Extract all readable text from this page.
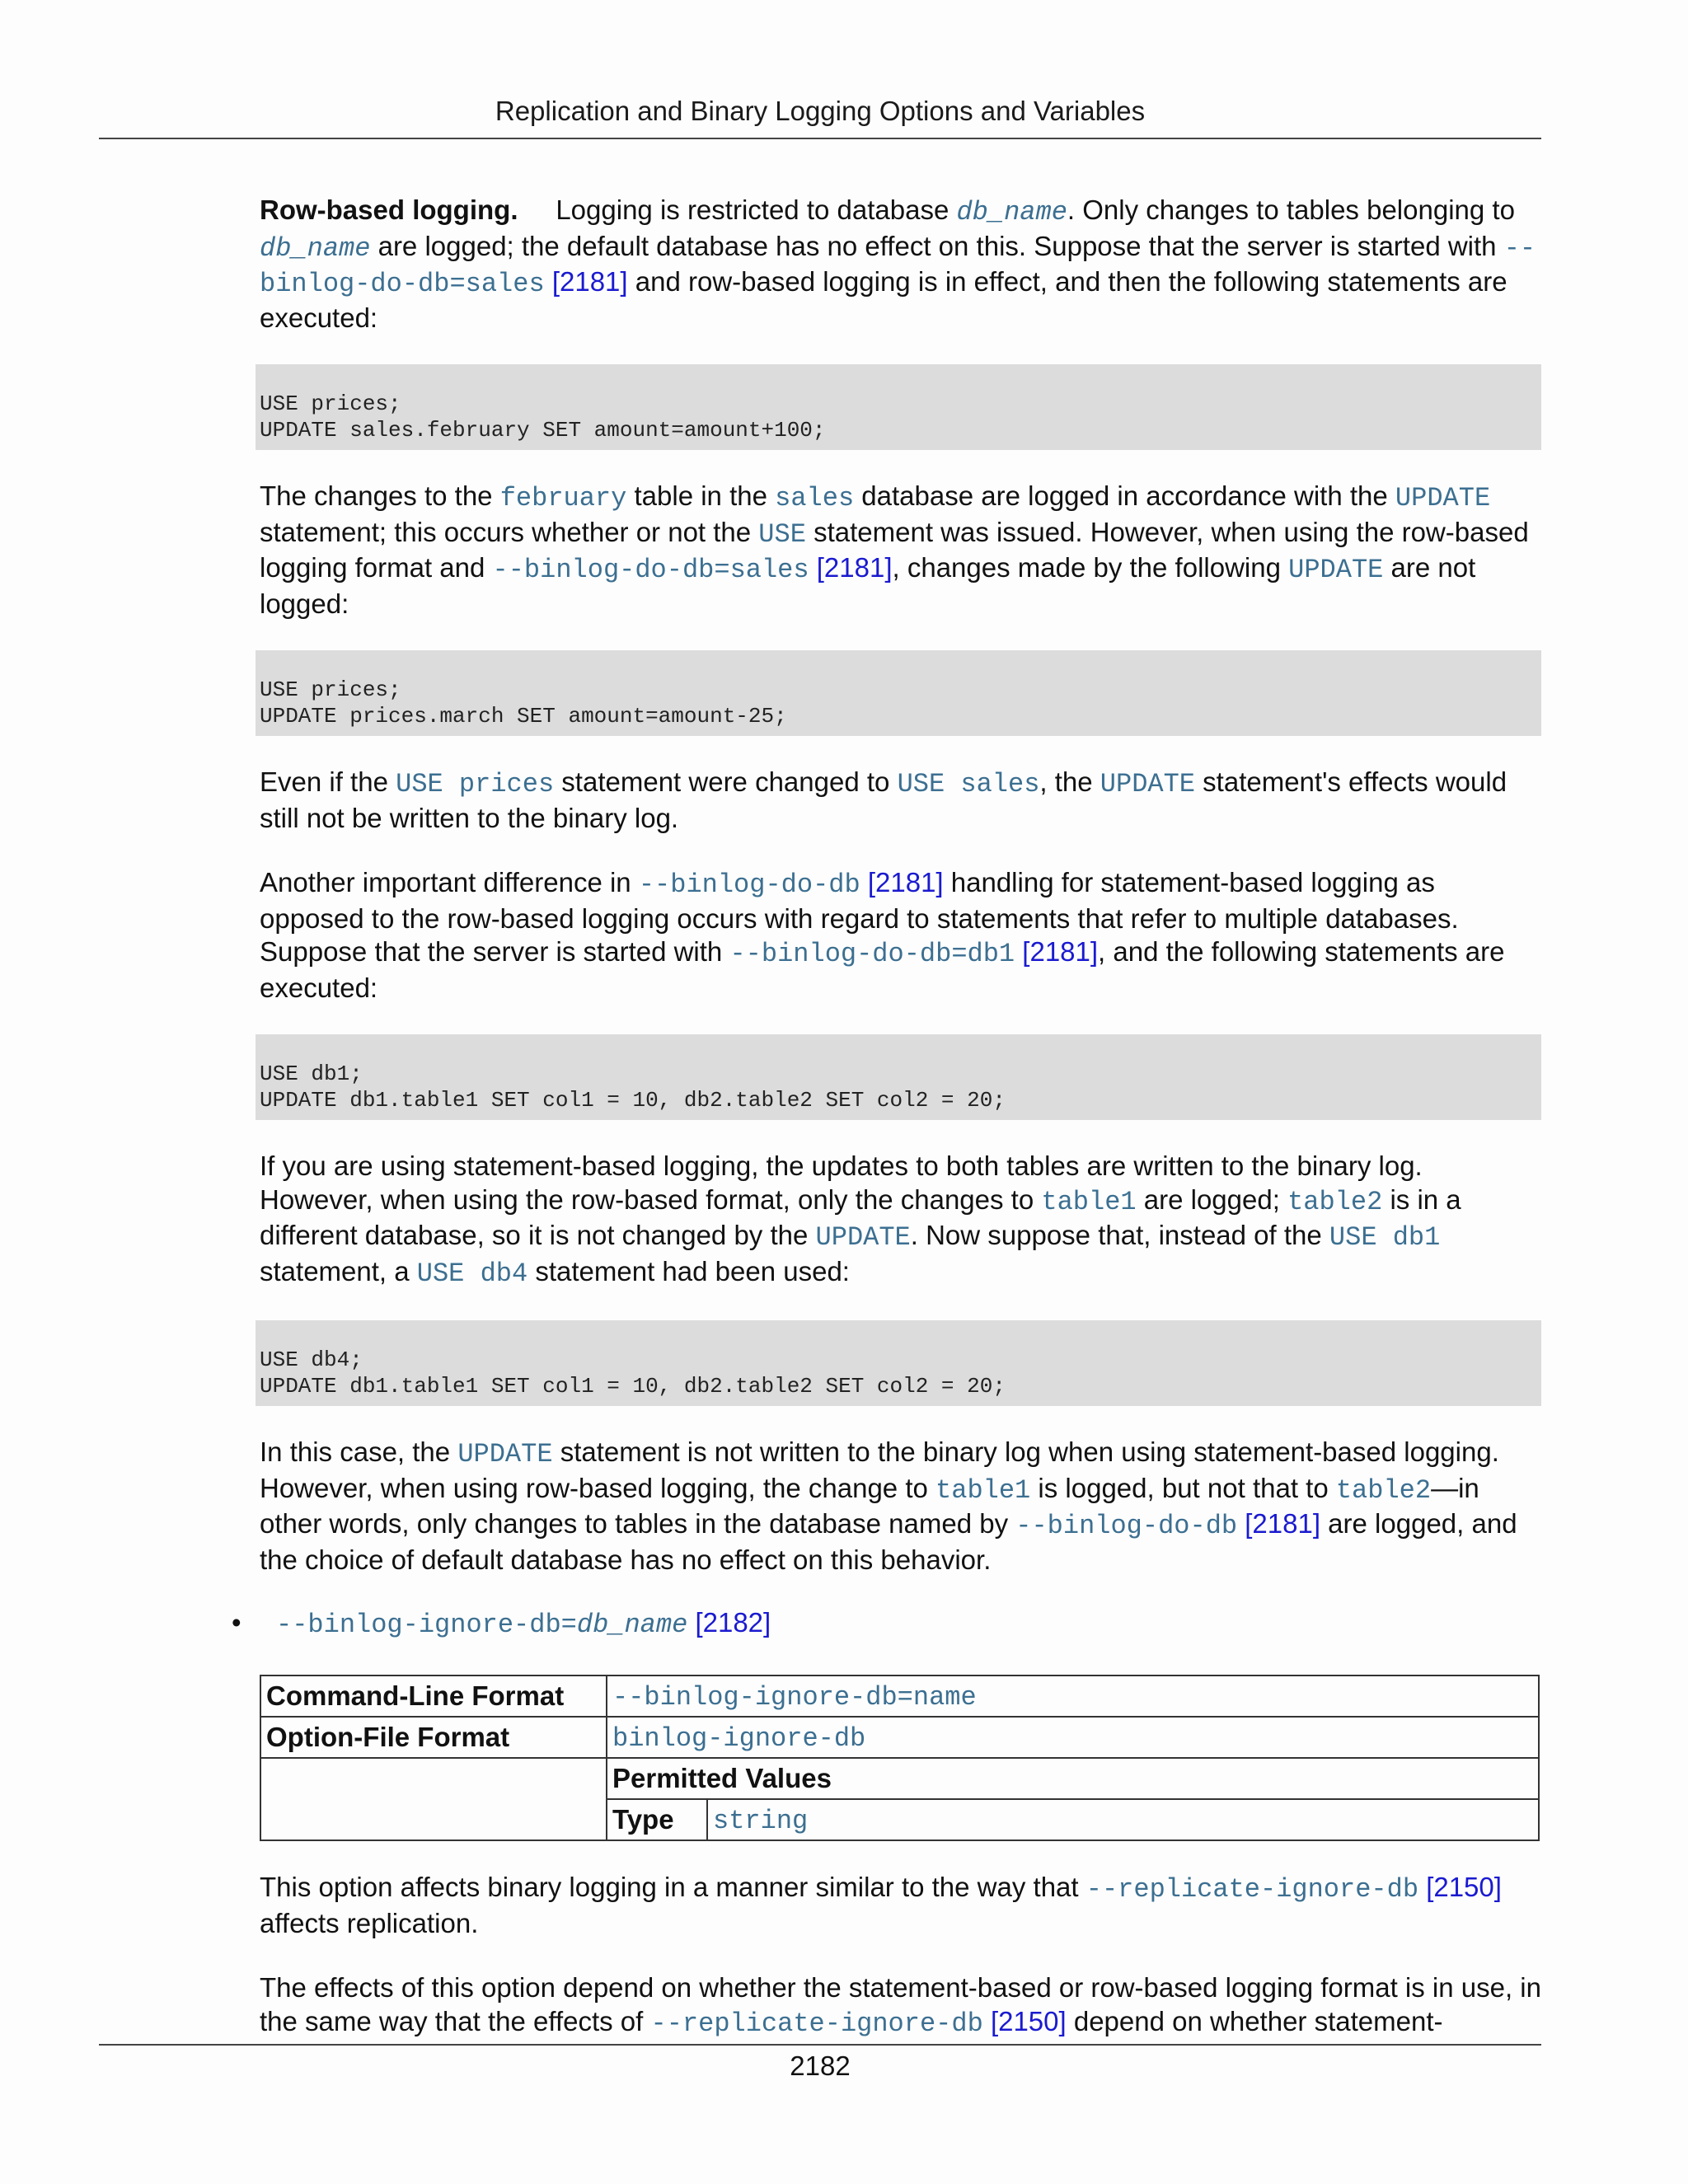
Replication and Binary Logging Options and Variables

Row-based logging. Logging is restricted to database db_name. Only changes to tables belonging to db_name are logged; the default database has no effect on this. Suppose that the server is started with --binlog-do-db=sales [2181] and row-based logging is in effect, and then the following statements are executed:

USE prices;
UPDATE sales.february SET amount=amount+100;

The changes to the february table in the sales database are logged in accordance with the UPDATE statement; this occurs whether or not the USE statement was issued. However, when using the row-based logging format and --binlog-do-db=sales [2181], changes made by the following UPDATE are not logged:

USE prices;
UPDATE prices.march SET amount=amount-25;

Even if the USE prices statement were changed to USE sales, the UPDATE statement's effects would still not be written to the binary log.

Another important difference in --binlog-do-db [2181] handling for statement-based logging as opposed to the row-based logging occurs with regard to statements that refer to multiple databases. Suppose that the server is started with --binlog-do-db=db1 [2181], and the following statements are executed:

USE db1;
UPDATE db1.table1 SET col1 = 10, db2.table2 SET col2 = 20;

If you are using statement-based logging, the updates to both tables are written to the binary log. However, when using the row-based format, only the changes to table1 are logged; table2 is in a different database, so it is not changed by the UPDATE. Now suppose that, instead of the USE db1 statement, a USE db4 statement had been used:

USE db4;
UPDATE db1.table1 SET col1 = 10, db2.table2 SET col2 = 20;

In this case, the UPDATE statement is not written to the binary log when using statement-based logging. However, when using row-based logging, the change to table1 is logged, but not that to table2—in other words, only changes to tables in the database named by --binlog-do-db [2181] are logged, and the choice of default database has no effect on this behavior.

• --binlog-ignore-db=db_name [2182]
Command-Line Format	--binlog-ignore-db=name	
Option-File Format	binlog-ignore-db	
	Permitted Values	
	Type	string

This option affects binary logging in a manner similar to the way that --replicate-ignore-db [2150] affects replication.

The effects of this option depend on whether the statement-based or row-based logging format is in use, in the same way that the effects of --replicate-ignore-db [2150] depend on whether statement-

2182
